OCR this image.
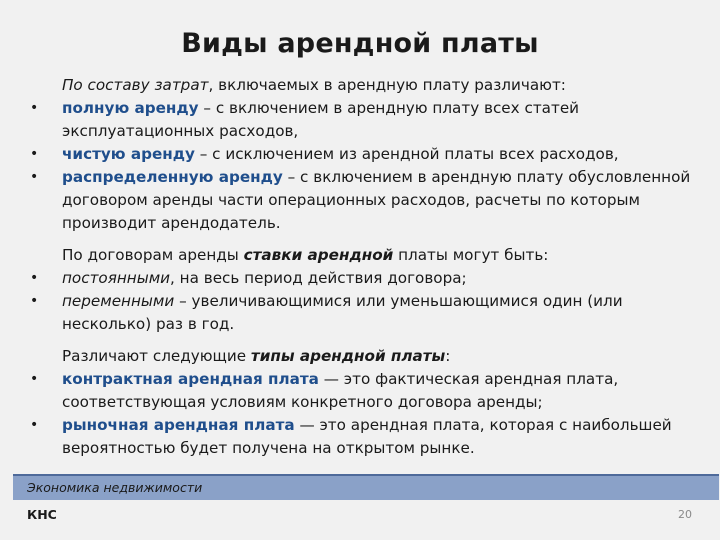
Виды арендной платы
По составу затрат, включаемых в арендную плату различают:
• полную аренду – с включением в арендную плату всех статей эксплуатационных расходов,
• чистую аренду – с исключением из арендной платы всех расходов,
• распределенную аренду – с включением в арендную плату обусловленной договором аренды части операционных расходов, расчеты по которым производит арендодатель.
По договорам аренды ставки арендной платы могут быть:
• постоянными, на весь период действия договора;
• переменными – увеличивающимися или уменьшающимися один (или несколько) раз в год.
Различают следующие типы арендной платы:
• контрактная арендная плата — это фактическая арендная плата, соответствующая условиям конкретного договора аренды;
• рыночная арендная плата — это арендная плата, которая с наибольшей вероятностью будет получена на открытом рынке.
Экономика недвижимости
КНС	20
